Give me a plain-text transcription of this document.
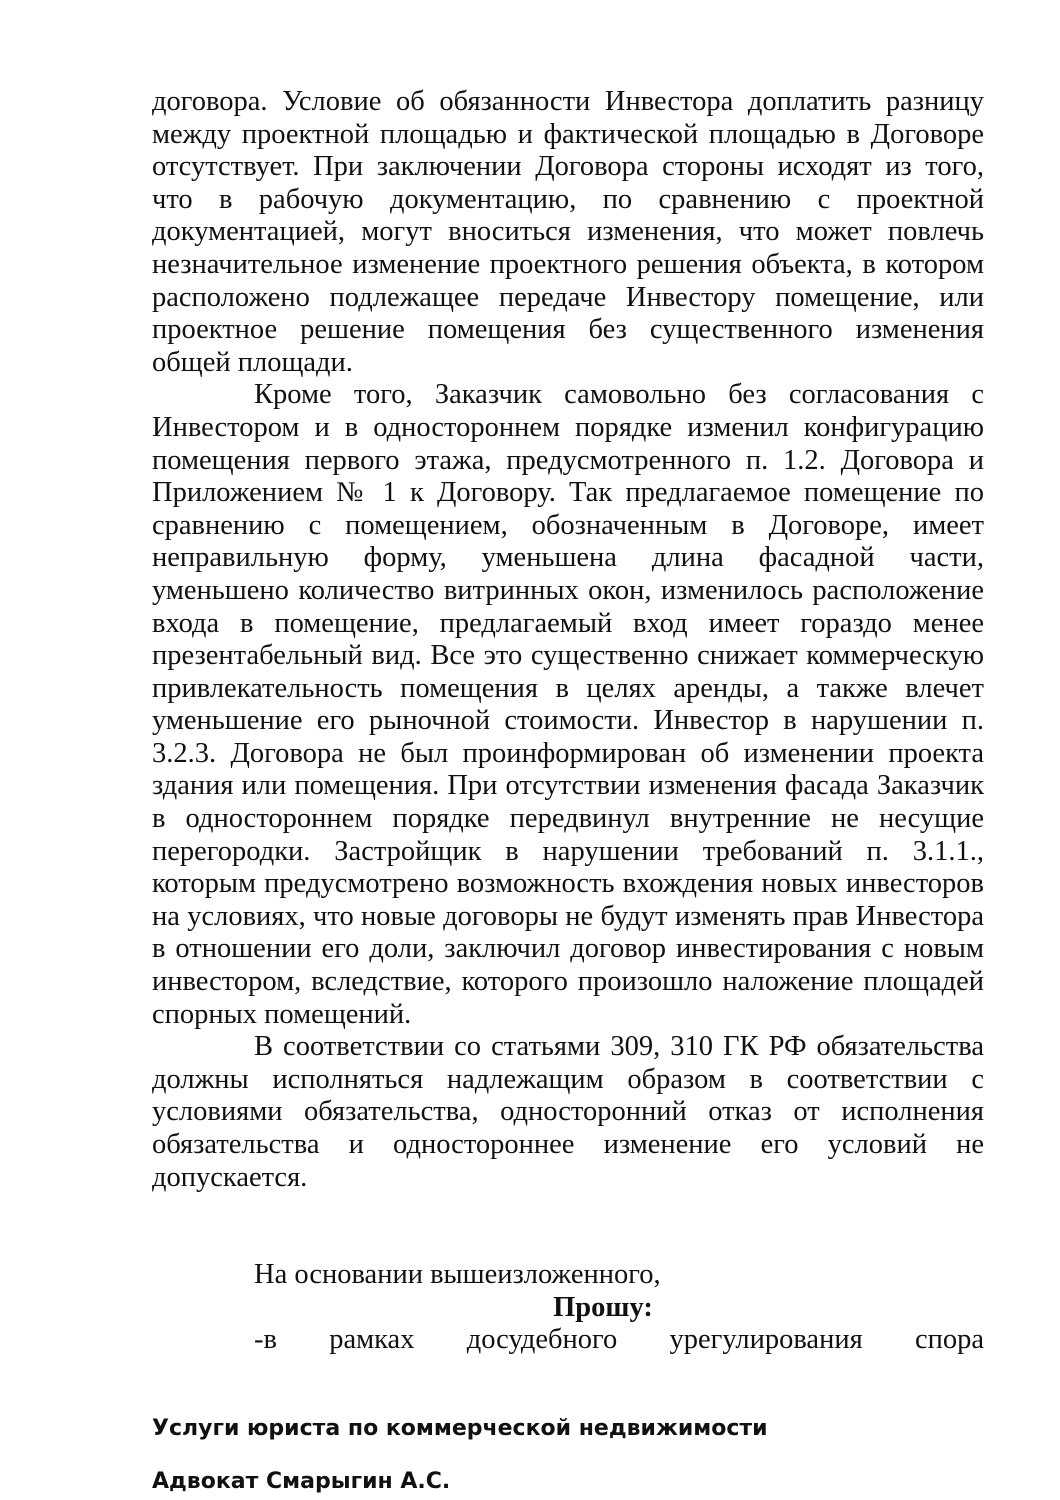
договора. Условие об обязанности Инвестора доплатить разницу между проектной площадью и фактической площадью в Договоре отсутствует. При заключении Договора стороны исходят из того, что в рабочую документацию, по сравнению с проектной документацией, могут вноситься изменения, что может повлечь незначительное изменение проектного решения объекта, в котором расположено подлежащее передаче Инвестору помещение, или проектное решение помещения без существенного изменения общей площади.

Кроме того, Заказчик самовольно без согласования с Инвестором и в одностороннем порядке изменил конфигурацию помещения первого этажа, предусмотренного п. 1.2. Договора и Приложением № 1 к Договору. Так предлагаемое помещение по сравнению с помещением, обозначенным в Договоре, имеет неправильную форму, уменьшена длина фасадной части, уменьшено количество витринных окон, изменилось расположение входа в помещение, предлагаемый вход имеет гораздо менее презентабельный вид. Все это существенно снижает коммерческую привлекательность помещения в целях аренды, а также влечет уменьшение его рыночной стоимости. Инвестор в нарушении п. 3.2.3. Договора не был проинформирован об изменении проекта здания или помещения. При отсутствии изменения фасада Заказчик в одностороннем порядке передвинул внутренние не несущие перегородки. Застройщик в нарушении требований п. 3.1.1., которым предусмотрено возможность вхождения новых инвесторов на условиях, что новые договоры не будут изменять прав Инвестора в отношении его доли, заключил договор инвестирования с новым инвестором, вследствие, которого произошло наложение площадей спорных помещений.

В соответствии со статьями 309, 310 ГК РФ обязательства должны исполняться надлежащим образом в соответствии с условиями обязательства, односторонний отказ от исполнения обязательства и одностороннее изменение его условий не допускается.

На основании вышеизложенного,

Прошу:

-в рамках досудебного урегулирования спора

Услуги юриста по коммерческой недвижимости

Адвокат Смарыгин А.С.
